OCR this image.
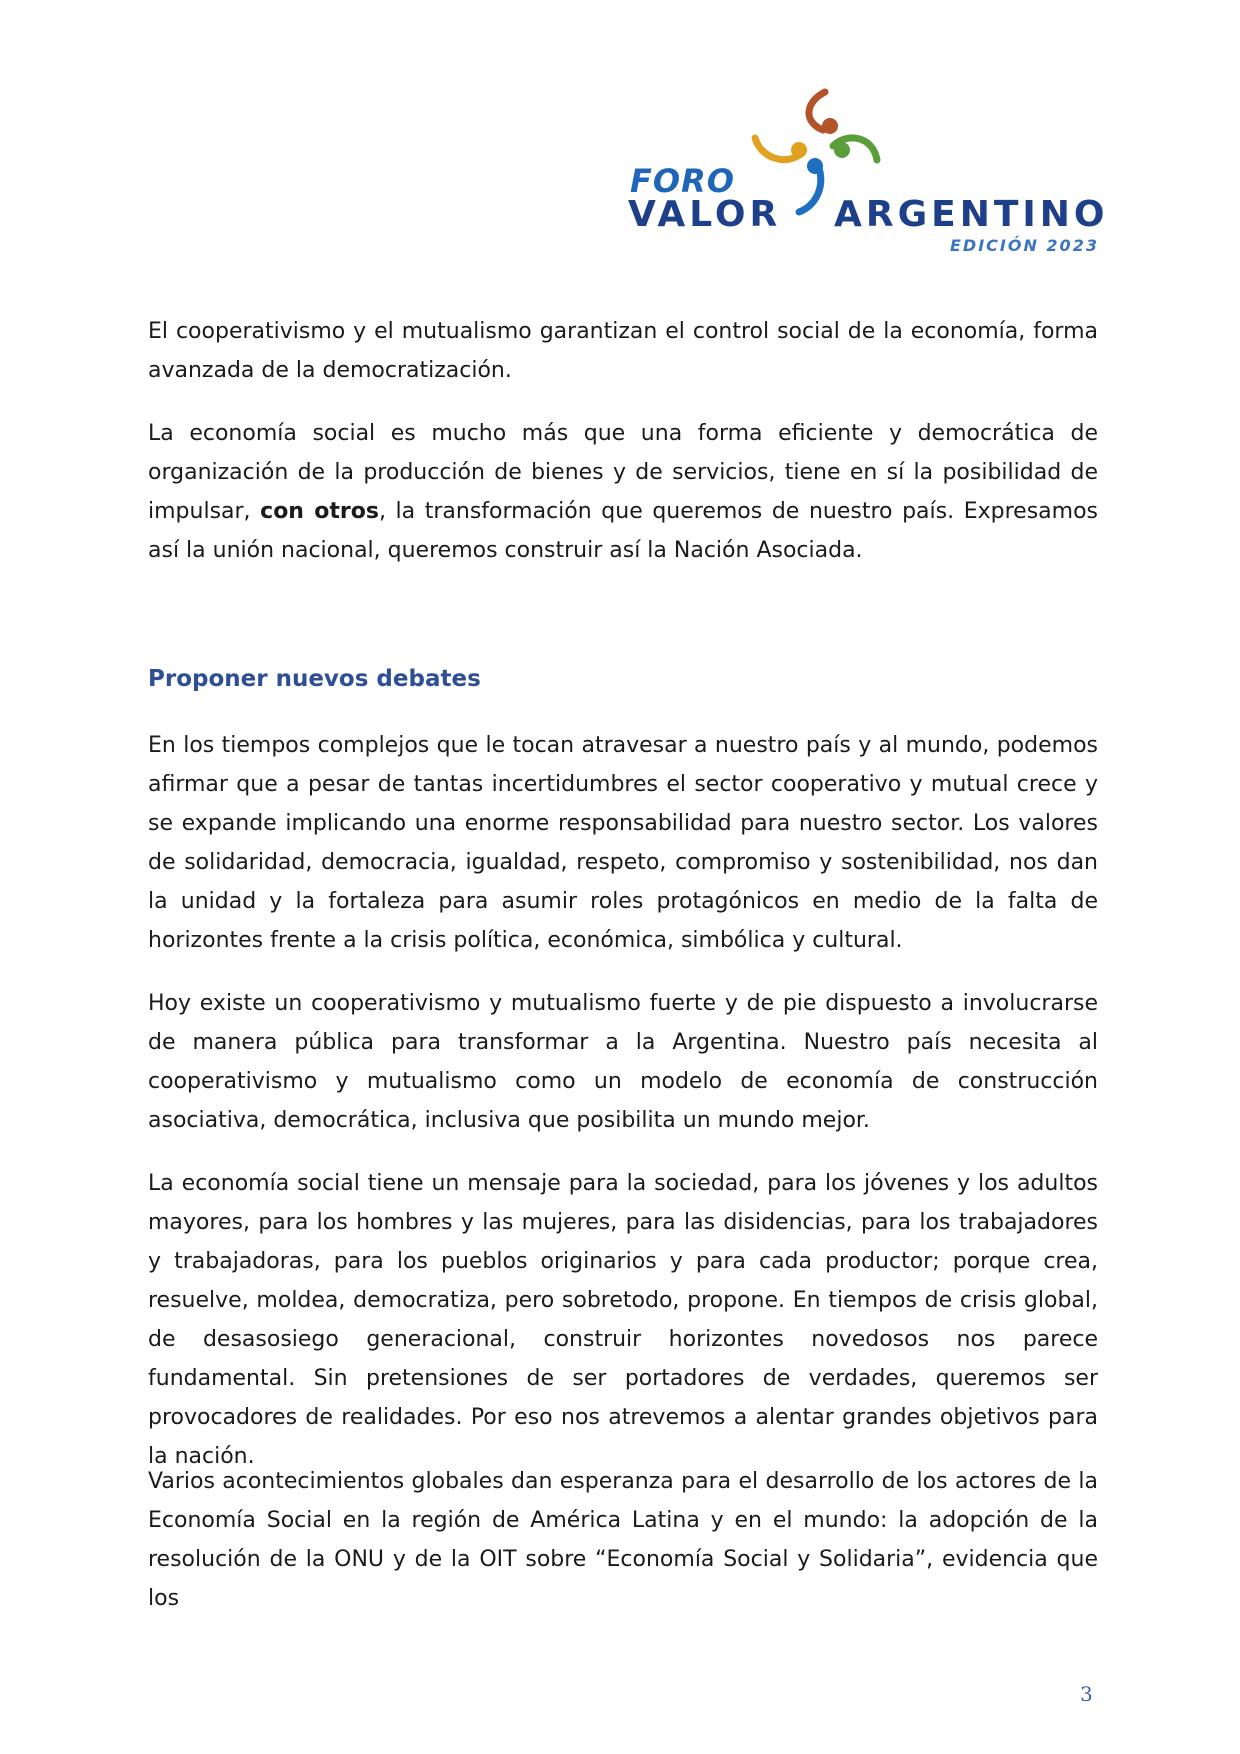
FORO
VALOR ARGENTINO
EDICIÓN 2023

El cooperativismo y el mutualismo garantizan el control social de la economía, forma avanzada de la democratización.

La economía social es mucho más que una forma eficiente y democrática de organización de la producción de bienes y de servicios, tiene en sí la posibilidad de impulsar, con otros, la transformación que queremos de nuestro país. Expresamos así la unión nacional, queremos construir así la Nación Asociada.

Proponer nuevos debates

En los tiempos complejos que le tocan atravesar a nuestro país y al mundo, podemos afirmar que a pesar de tantas incertidumbres el sector cooperativo y mutual crece y se expande implicando una enorme responsabilidad para nuestro sector. Los valores de solidaridad, democracia, igualdad, respeto, compromiso y sostenibilidad, nos dan la unidad y la fortaleza para asumir roles protagónicos en medio de la falta de horizontes frente a la crisis política, económica, simbólica y cultural.

Hoy existe un cooperativismo y mutualismo fuerte y de pie dispuesto a involucrarse de manera pública para transformar a la Argentina. Nuestro país necesita al cooperativismo y mutualismo como un modelo de economía de construcción asociativa, democrática, inclusiva que posibilita un mundo mejor.

La economía social tiene un mensaje para la sociedad, para los jóvenes y los adultos mayores, para los hombres y las mujeres, para las disidencias, para los trabajadores y trabajadoras, para los pueblos originarios y para cada productor; porque crea, resuelve, moldea, democratiza, pero sobretodo, propone. En tiempos de crisis global, de desasosiego generacional, construir horizontes novedosos nos parece fundamental. Sin pretensiones de ser portadores de verdades, queremos ser provocadores de realidades. Por eso nos atrevemos a alentar grandes objetivos para la nación.

Varios acontecimientos globales dan esperanza para el desarrollo de los actores de la Economía Social en la región de América Latina y en el mundo: la adopción de la resolución de la ONU y de la OIT sobre “Economía Social y Solidaria”, evidencia que los

3
